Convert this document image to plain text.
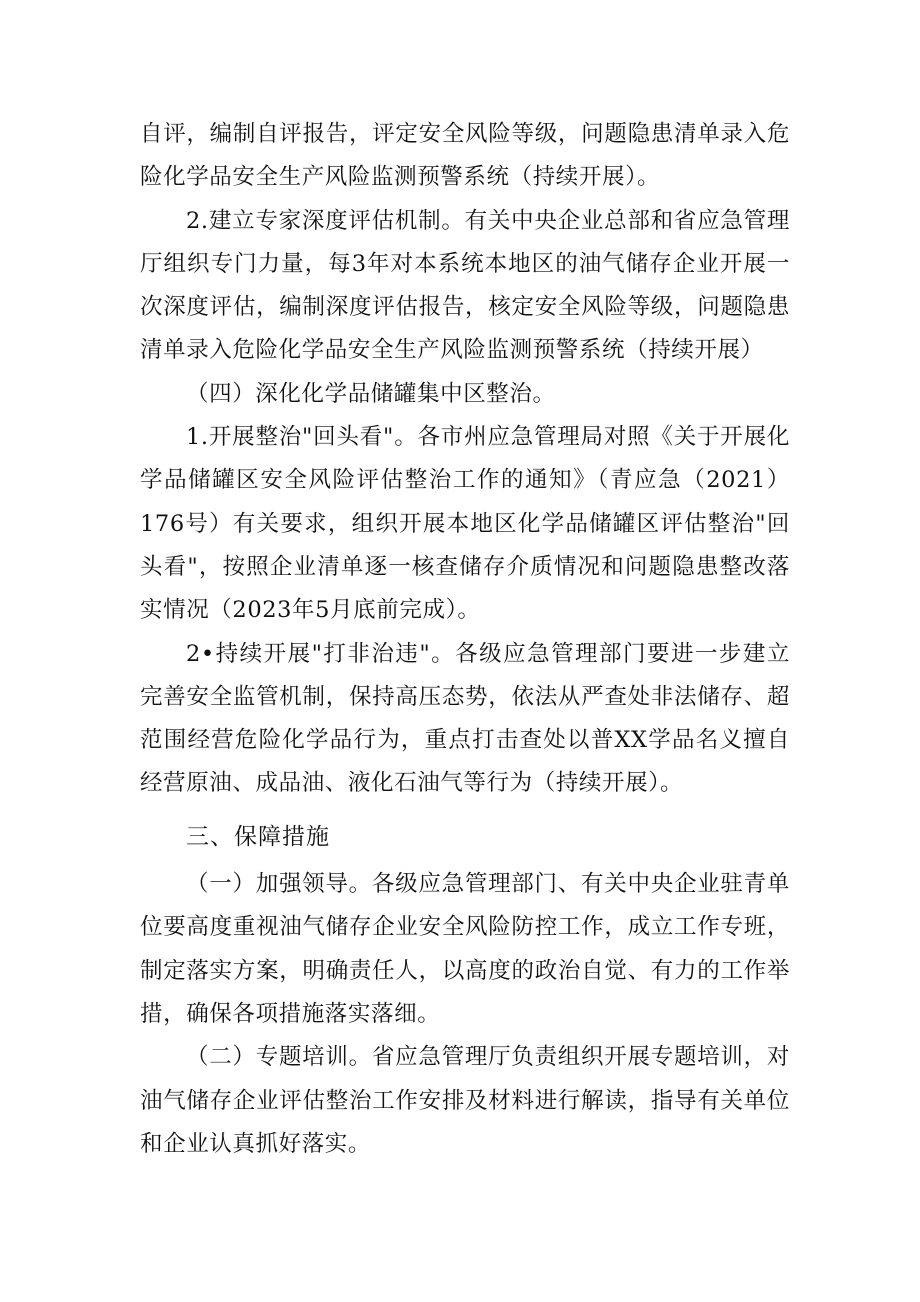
自评，编制自评报告，评定安全风险等级，问题隐患清单录入危险化学品安全生产风险监测预警系统（持续开展）。

2.建立专家深度评估机制。有关中央企业总部和省应急管理厅组织专门力量，每3年对本系统本地区的油气储存企业开展一次深度评估，编制深度评估报告，核定安全风险等级，问题隐患清单录入危险化学品安全生产风险监测预警系统（持续开展）

（四）深化化学品储罐集中区整治。

1.开展整治"回头看"。各市州应急管理局对照《关于开展化学品储罐区安全风险评估整治工作的通知》（青应急（2021）176号）有关要求，组织开展本地区化学品储罐区评估整治"回头看"，按照企业清单逐一核查储存介质情况和问题隐患整改落实情况（2023年5月底前完成）。

2•持续开展"打非治违"。各级应急管理部门要进一步建立完善安全监管机制，保持高压态势，依法从严查处非法储存、超范围经营危险化学品行为，重点打击查处以普XX学品名义擅自经营原油、成品油、液化石油气等行为（持续开展）。

三、保障措施

（一）加强领导。各级应急管理部门、有关中央企业驻青单位要高度重视油气储存企业安全风险防控工作，成立工作专班，制定落实方案，明确责任人，以高度的政治自觉、有力的工作举措，确保各项措施落实落细。

（二）专题培训。省应急管理厅负责组织开展专题培训，对油气储存企业评估整治工作安排及材料进行解读，指导有关单位和企业认真抓好落实。
